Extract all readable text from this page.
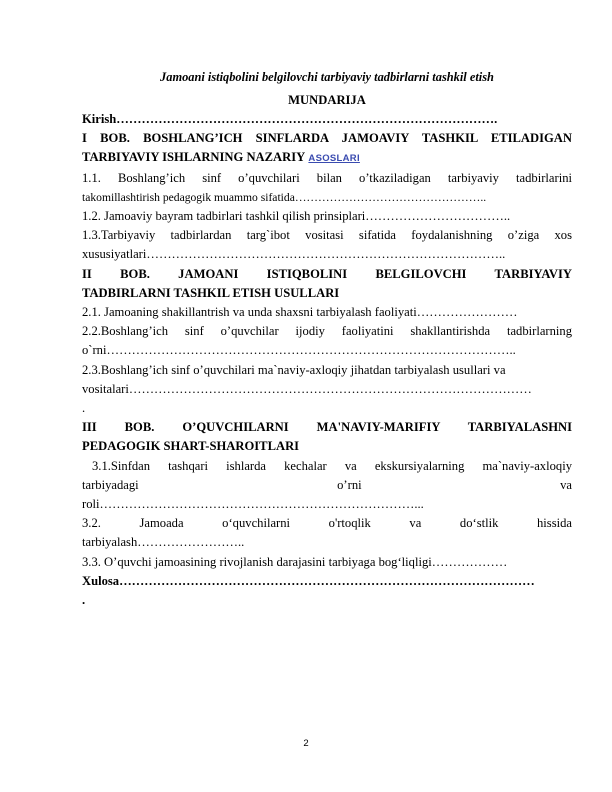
Jamoani istiqbolini belgilovchi tarbiyaviy tadbirlarni tashkil etish

MUNDARIJA

Kirish……………………………………………………………………………….

I BOB. BOSHLANG’ICH SINFLARDA JAMOAVIY TASHKIL ETILADIGAN

TARBIYAVIY ISHLARNING NAZARIY ASOSLARI

1.1. Boshlang’ich sinf o’quvchilari bilan o’tkaziladigan tarbiyaviy tadbirlarini

takomillashtirish pedagogik muammo sifatida…………………………………………..

1.2. Jamoaviy bayram tadbirlari tashkil qilish prinsiplari……………………………..

1.3.Tarbiyaviy tadbirlardan targ`ibot vositasi sifatida foydalanishning o’ziga xos

xususiyatlari…………………………………………………………………………..

II BOB. JAMOANI ISTIQBOLINI BELGILOVCHI TARBIYAVIY

TADBIRLARNI TASHKIL ETISH USULLARI

2.1. Jamoaning shakillantrish va unda shaxsni tarbiyalash faoliyati……………………

2.2.Boshlang’ich sinf o’quvchilar ijodiy faoliyatini shakllantirishda tadbirlarning

o`rni……………………………………………………………………………………..

2.3.Boshlang’ich sinf o’quvchilari ma`naviy-axloqiy jihatdan tarbiyalash usullari va

vositalari……………………………………………………………………………………

.

III BOB. O’QUVCHILARNI MA'NAVIY-MARIFIY TARBIYALASHNI

PEDAGOGIK SHART-SHAROITLARI

3.1.Sinfdan tashqari ishlarda kechalar va ekskursiyalarning ma`naviy-axloqiy

tarbiyadagi o’rni va

roli…………………………………………………………………...

3.2. Jamoada o‘quvchilarni o'rtoqlik va do‘stlik hissida

tarbiyalash……………………..

3.3. O’quvchi jamoasining rivojlanish darajasini tarbiyaga bog‘liqligi………………

Xulosa………………………………………………………………………………………

.

2
